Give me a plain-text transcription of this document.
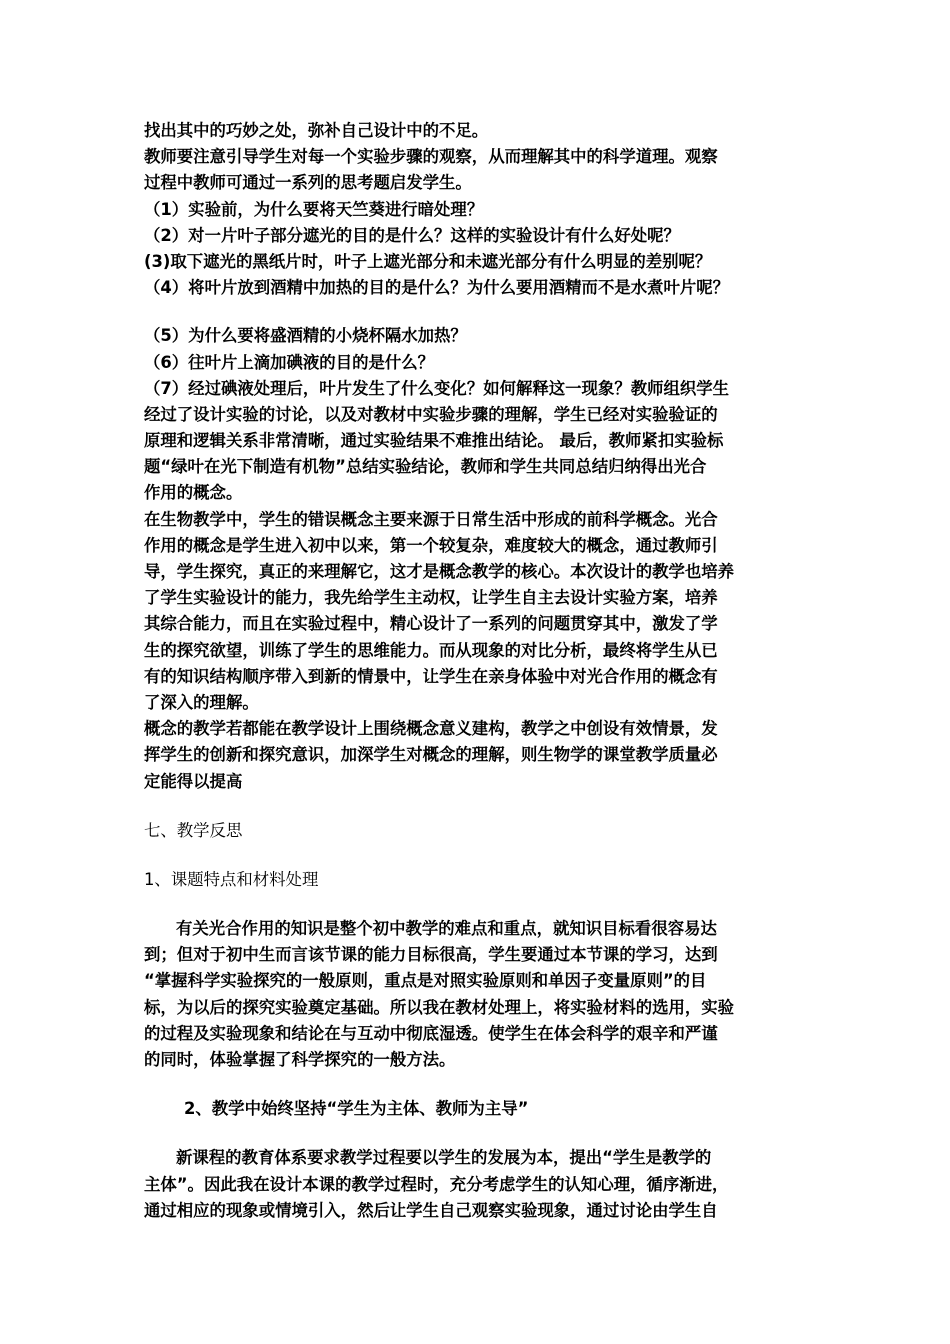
找出其中的巧妙之处，弥补自己设计中的不足。
教师要注意引导学生对每一个实验步骤的观察，从而理解其中的科学道理。观察
过程中教师可通过一系列的思考题启发学生。
（1）实验前，为什么要将天竺葵进行暗处理？
（2）对一片叶子部分遮光的目的是什么？这样的实验设计有什么好处呢？
(3)取下遮光的黑纸片时，叶子上遮光部分和未遮光部分有什么明显的差别呢？
（4）将叶片放到酒精中加热的目的是什么？为什么要用酒精而不是水煮叶片呢？
（5）为什么要将盛酒精的小烧杯隔水加热？
（6）往叶片上滴加碘液的目的是什么？
（7）经过碘液处理后，叶片发生了什么变化？如何解释这一现象？教师组织学生
经过了设计实验的讨论，以及对教材中实验步骤的理解，学生已经对实验验证的
原理和逻辑关系非常清晰，通过实验结果不难推出结论。 最后，教师紧扣实验标
题“绿叶在光下制造有机物”总结实验结论，教师和学生共同总结归纳得出光合
作用的概念。
在生物教学中，学生的错误概念主要来源于日常生活中形成的前科学概念。光合
作用的概念是学生进入初中以来，第一个较复杂，难度较大的概念，通过教师引
导，学生探究，真正的来理解它，这才是概念教学的核心。本次设计的教学也培养
了学生实验设计的能力，我先给学生主动权，让学生自主去设计实验方案，培养
其综合能力，而且在实验过程中，精心设计了一系列的问题贯穿其中，激发了学
生的探究欲望，训练了学生的思维能力。而从现象的对比分析，最终将学生从已
有的知识结构顺序带入到新的情景中，让学生在亲身体验中对光合作用的概念有
了深入的理解。
概念的教学若都能在教学设计上围绕概念意义建构，教学之中创设有效情景，发
挥学生的创新和探究意识，加深学生对概念的理解，则生物学的课堂教学质量必
定能得以提高
七、教学反思
1、课题特点和材料处理
有关光合作用的知识是整个初中教学的难点和重点，就知识目标看很容易达
到；但对于初中生而言该节课的能力目标很高，学生要通过本节课的学习，达到
“掌握科学实验探究的一般原则，重点是对照实验原则和单因子变量原则”的目
标，为以后的探究实验奠定基础。所以我在教材处理上，将实验材料的选用，实验
的过程及实验现象和结论在与互动中彻底湿透。使学生在体会科学的艰辛和严谨
的同时，体验掌握了科学探究的一般方法。
2、教学中始终坚持“学生为主体、教师为主导”
新课程的教育体系要求教学过程要以学生的发展为本，提出“学生是教学的
主体”。因此我在设计本课的教学过程时，充分考虑学生的认知心理，循序渐进，
通过相应的现象或情境引入，然后让学生自己观察实验现象，通过讨论由学生自
